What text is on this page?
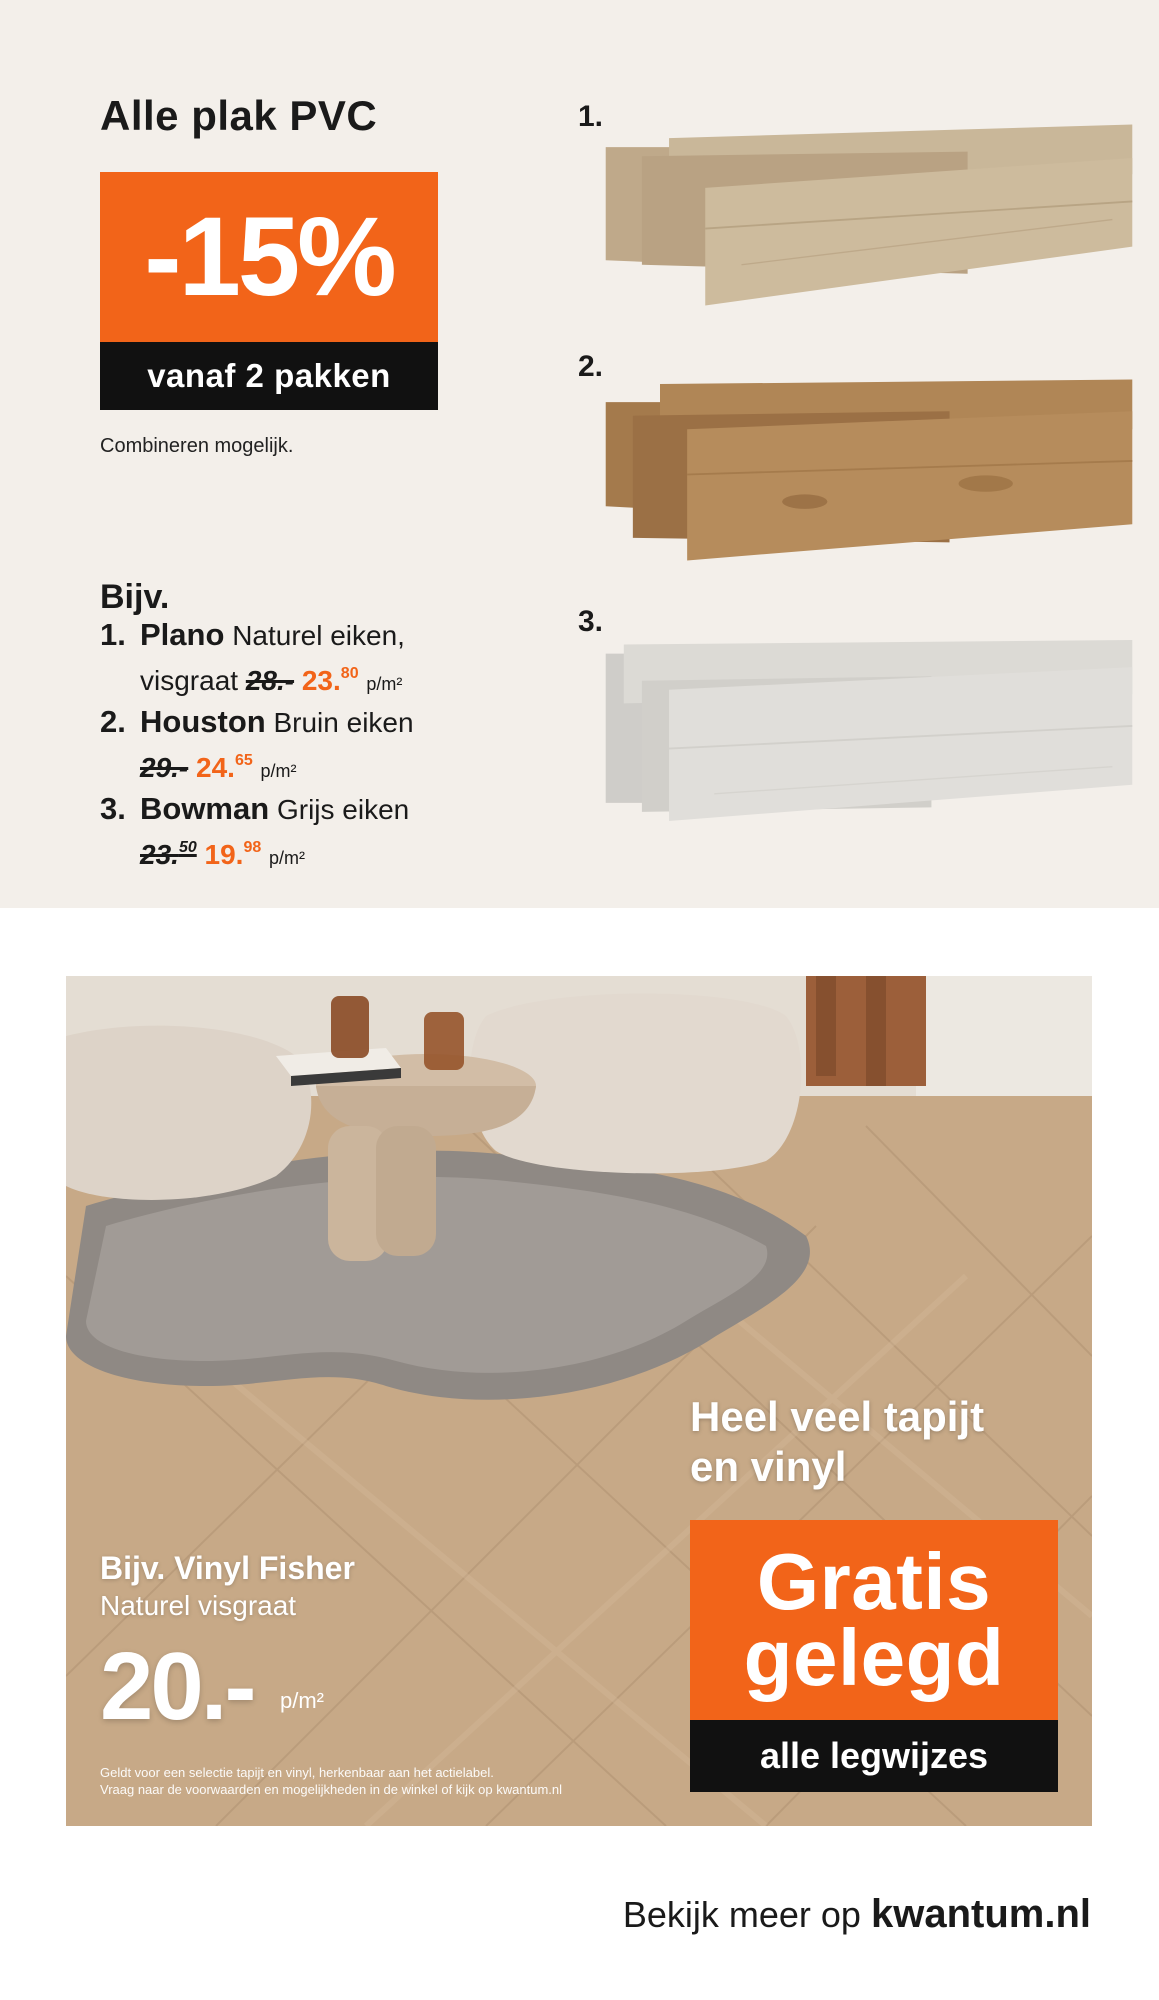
Alle plak PVC
-15%
vanaf 2 pakken

Combineren mogelijk.

Bijv.
1. Plano Naturel eiken,
visgraat 28.- 23.80 p/m²
2. Houston Bruin eiken
29.- 24.65 p/m²
3. Bowman Grijs eiken
23.50 19.98 p/m²
1.
2.
3.
Heel veel tapijt
en vinyl
Gratis
gelegd
alle legwijzes
Bijv. Vinyl Fisher
Naturel visgraat
20.- p/m²
Geldt voor een selectie tapijt en vinyl, herkenbaar aan het actielabel.
Vraag naar de voorwaarden en mogelijkheden in de winkel of kijk op kwantum.nl
Bekijk meer op kwantum.nl
